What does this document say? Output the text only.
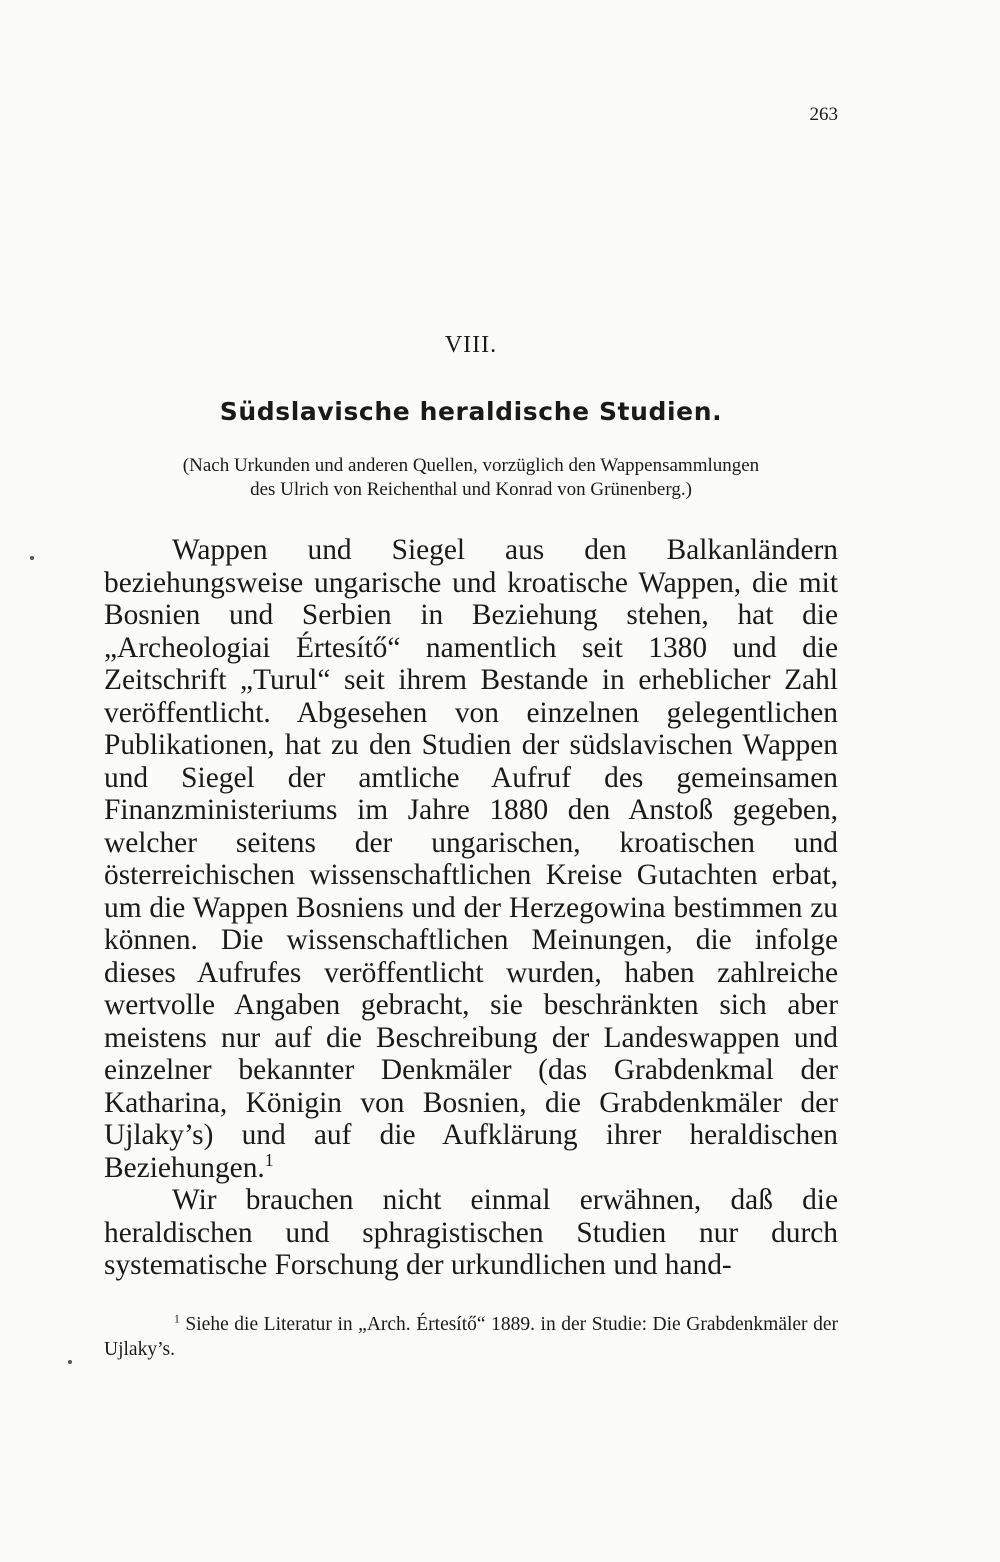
263
VIII.
Südslavische heraldische Studien.
(Nach Urkunden und anderen Quellen, vorzüglich den Wappensammlungen
des Ulrich von Reichenthal und Konrad von Grünenberg.)

Wappen und Siegel aus den Balkanländern beziehungsweise ungarische und kroatische Wappen, die mit Bosnien und Serbien in Beziehung stehen, hat die „Archeologiai Értesítő“ namentlich seit 1380 und die Zeitschrift „Turul“ seit ihrem Bestande in erheblicher Zahl veröffentlicht. Abgesehen von einzelnen gelegentlichen Publikationen, hat zu den Studien der südslavischen Wappen und Siegel der amtliche Aufruf des gemeinsamen Finanzministeriums im Jahre 1880 den Anstoß gegeben, welcher seitens der ungarischen, kroatischen und österreichischen wissenschaftlichen Kreise Gutachten erbat, um die Wappen Bosniens und der Herzegowina bestimmen zu können. Die wissenschaftlichen Meinungen, die infolge dieses Aufrufes veröffentlicht wurden, haben zahlreiche wertvolle Angaben gebracht, sie beschränkten sich aber meistens nur auf die Beschreibung der Landeswappen und einzelner bekannter Denkmäler (das Grabdenkmal der Katharina, Königin von Bosnien, die Grabdenkmäler der Ujlaky’s) und auf die Aufklärung ihrer heraldischen Beziehungen.$^1$

Wir brauchen nicht einmal erwähnen, daß die heraldischen und sphragistischen Studien nur durch systematische Forschung der urkundlichen und hand-

$^1$ Siehe die Literatur in „Arch. Értesítő“ 1889. in der Studie: Die Grabdenkmäler der Ujlaky’s.
